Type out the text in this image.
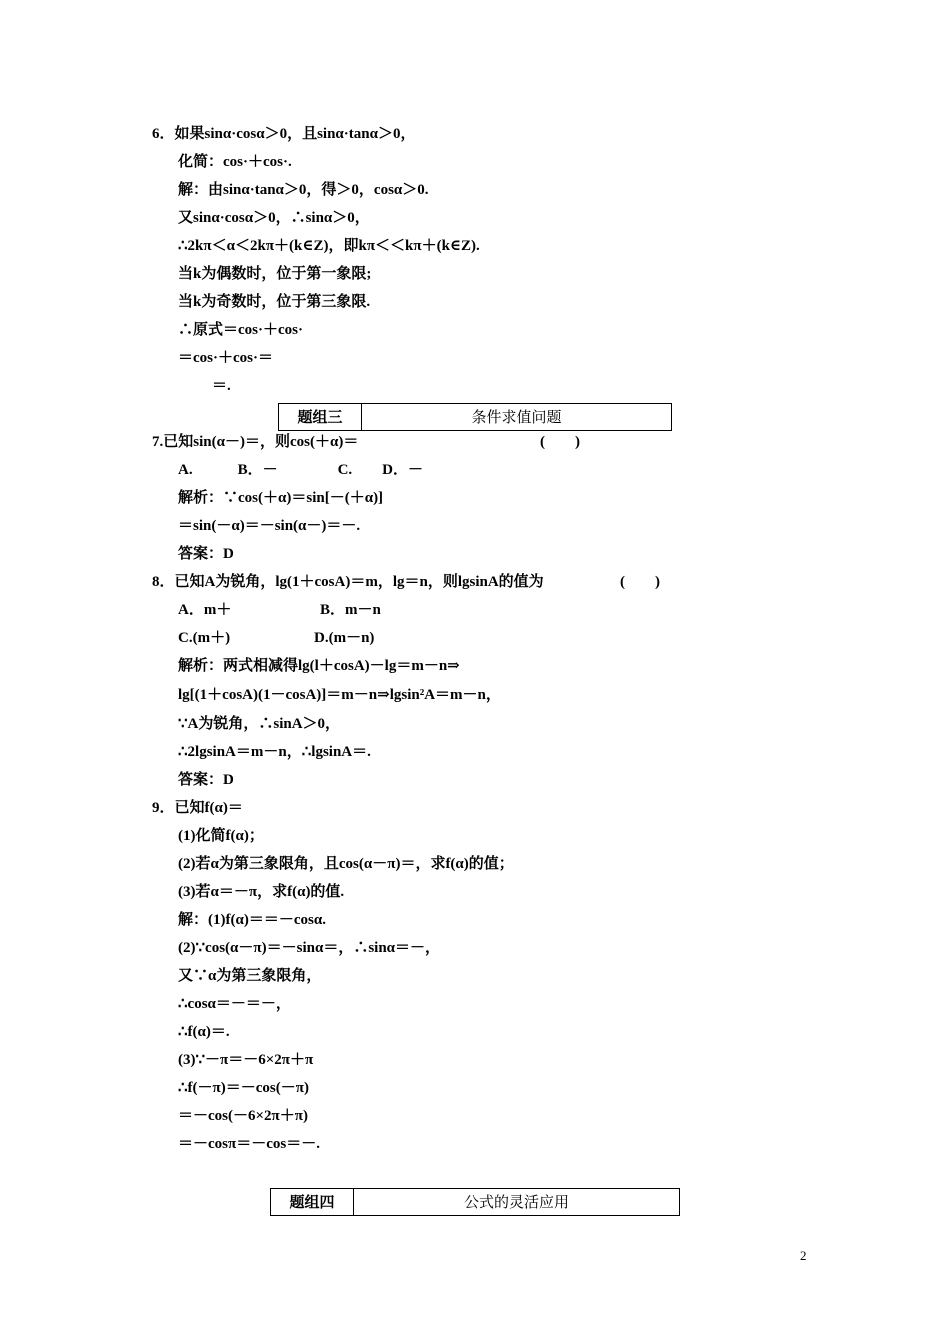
6．如果sinα·cosα＞0，且sinα·tanα＞0，
化简：cos·＋cos·.
解：由sinα·tanα＞0，得＞0，cosα＞0.
又sinα·cosα＞0，∴sinα＞0，
∴2kπ＜α＜2kπ＋(k∈Z)，即kπ＜＜kπ＋(k∈Z).
当k为偶数时，位于第一象限;
当k为奇数时，位于第三象限.
∴原式＝cos·＋cos·
＝cos·＋cos·＝
＝.
题组三	条件求值问题
7.已知sin(α－)＝，则cos(＋α)＝	(　　)
A.　　　B．－　　　　C.　　D．－
解析：∵cos(＋α)＝sin[－(＋α)]
＝sin(－α)＝－sin(α－)＝－.
答案：D
8．已知A为锐角，lg(1＋cosA)＝m，lg＝n，则lgsinA的值为	(　　)
A．m＋	B．m－n
C.(m＋)	D.(m－n)
解析：两式相减得lg(l＋cosA)－lg＝m－n⇒
lg[(1＋cosA)(1－cosA)]＝m－n⇒lgsin²A＝m－n，
∵A为锐角，∴sinA＞0，
∴2lgsinA＝m－n，∴lgsinA＝.
答案：D
9．已知f(α)＝
(1)化简f(α)；
(2)若α为第三象限角，且cos(α－π)＝，求f(α)的值；
(3)若α＝－π，求f(α)的值.
解：(1)f(α)＝＝－cosα.
(2)∵cos(α－π)＝－sinα＝，∴sinα＝－，
又∵α为第三象限角，
∴cosα＝－＝－，
∴f(α)＝.
(3)∵－π＝－6×2π＋π
∴f(－π)＝－cos(－π)
＝－cos(－6×2π＋π)
＝－cosπ＝－cos＝－.
题组四	公式的灵活应用
2
